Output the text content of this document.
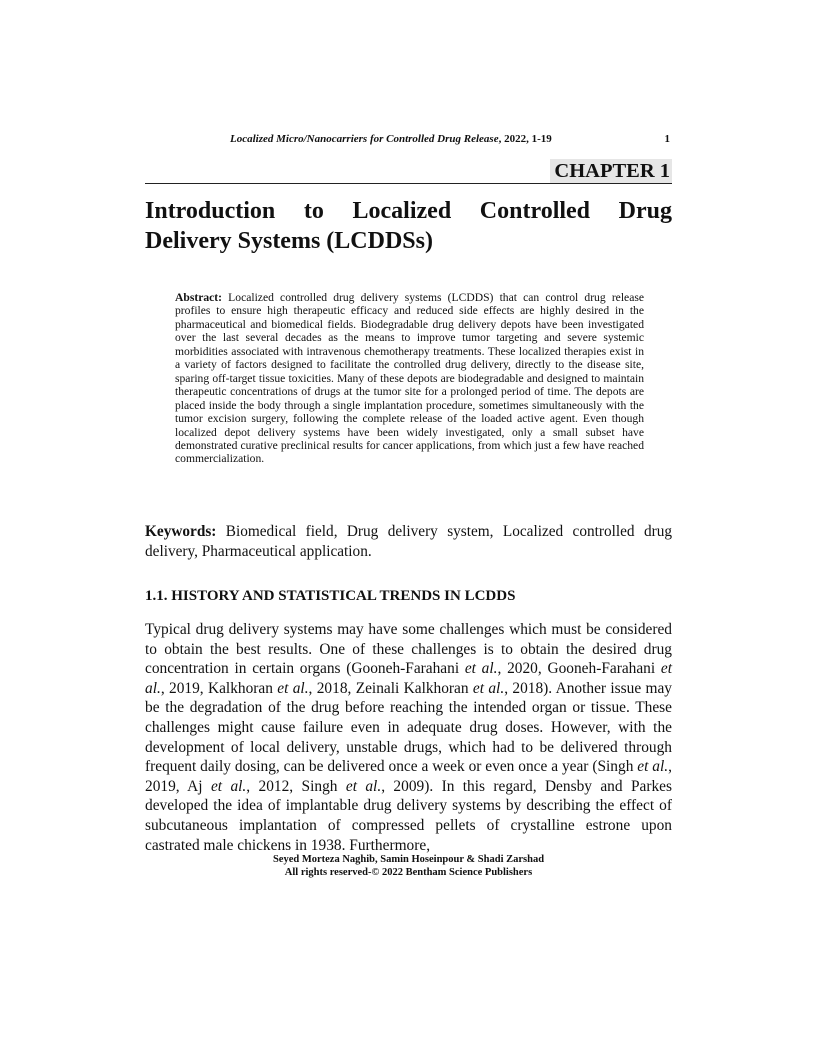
Localized Micro/Nanocarriers for Controlled Drug Release, 2022, 1-19	1
CHAPTER 1
Introduction to Localized Controlled Drug Delivery Systems (LCDDSs)
Abstract: Localized controlled drug delivery systems (LCDDS) that can control drug release profiles to ensure high therapeutic efficacy and reduced side effects are highly desired in the pharmaceutical and biomedical fields. Biodegradable drug delivery depots have been investigated over the last several decades as the means to improve tumor targeting and severe systemic morbidities associated with intravenous chemotherapy treatments. These localized therapies exist in a variety of factors designed to facilitate the controlled drug delivery, directly to the disease site, sparing off-target tissue toxicities. Many of these depots are biodegradable and designed to maintain therapeutic concentrations of drugs at the tumor site for a prolonged period of time. The depots are placed inside the body through a single implantation procedure, sometimes simultaneously with the tumor excision surgery, following the complete release of the loaded active agent. Even though localized depot delivery systems have been widely investigated, only a small subset have demonstrated curative preclinical results for cancer applications, from which just a few have reached commercialization.
Keywords: Biomedical field, Drug delivery system, Localized controlled drug delivery, Pharmaceutical application.
1.1. HISTORY AND STATISTICAL TRENDS IN LCDDS
Typical drug delivery systems may have some challenges which must be considered to obtain the best results. One of these challenges is to obtain the desired drug concentration in certain organs (Gooneh-Farahani et al., 2020, Gooneh-Farahani et al., 2019, Kalkhoran et al., 2018, Zeinali Kalkhoran et al., 2018). Another issue may be the degradation of the drug before reaching the intended organ or tissue. These challenges might cause failure even in adequate drug doses. However, with the development of local delivery, unstable drugs, which had to be delivered through frequent daily dosing, can be delivered once a week or even once a year (Singh et al., 2019, Aj et al., 2012, Singh et al., 2009). In this regard, Densby and Parkes developed the idea of implantable drug delivery systems by describing the effect of subcutaneous implantation of compressed pellets of crystalline estrone upon castrated male chickens in 1938. Furthermore,
Seyed Morteza Naghib, Samin Hoseinpour & Shadi Zarshad
All rights reserved-© 2022 Bentham Science Publishers
